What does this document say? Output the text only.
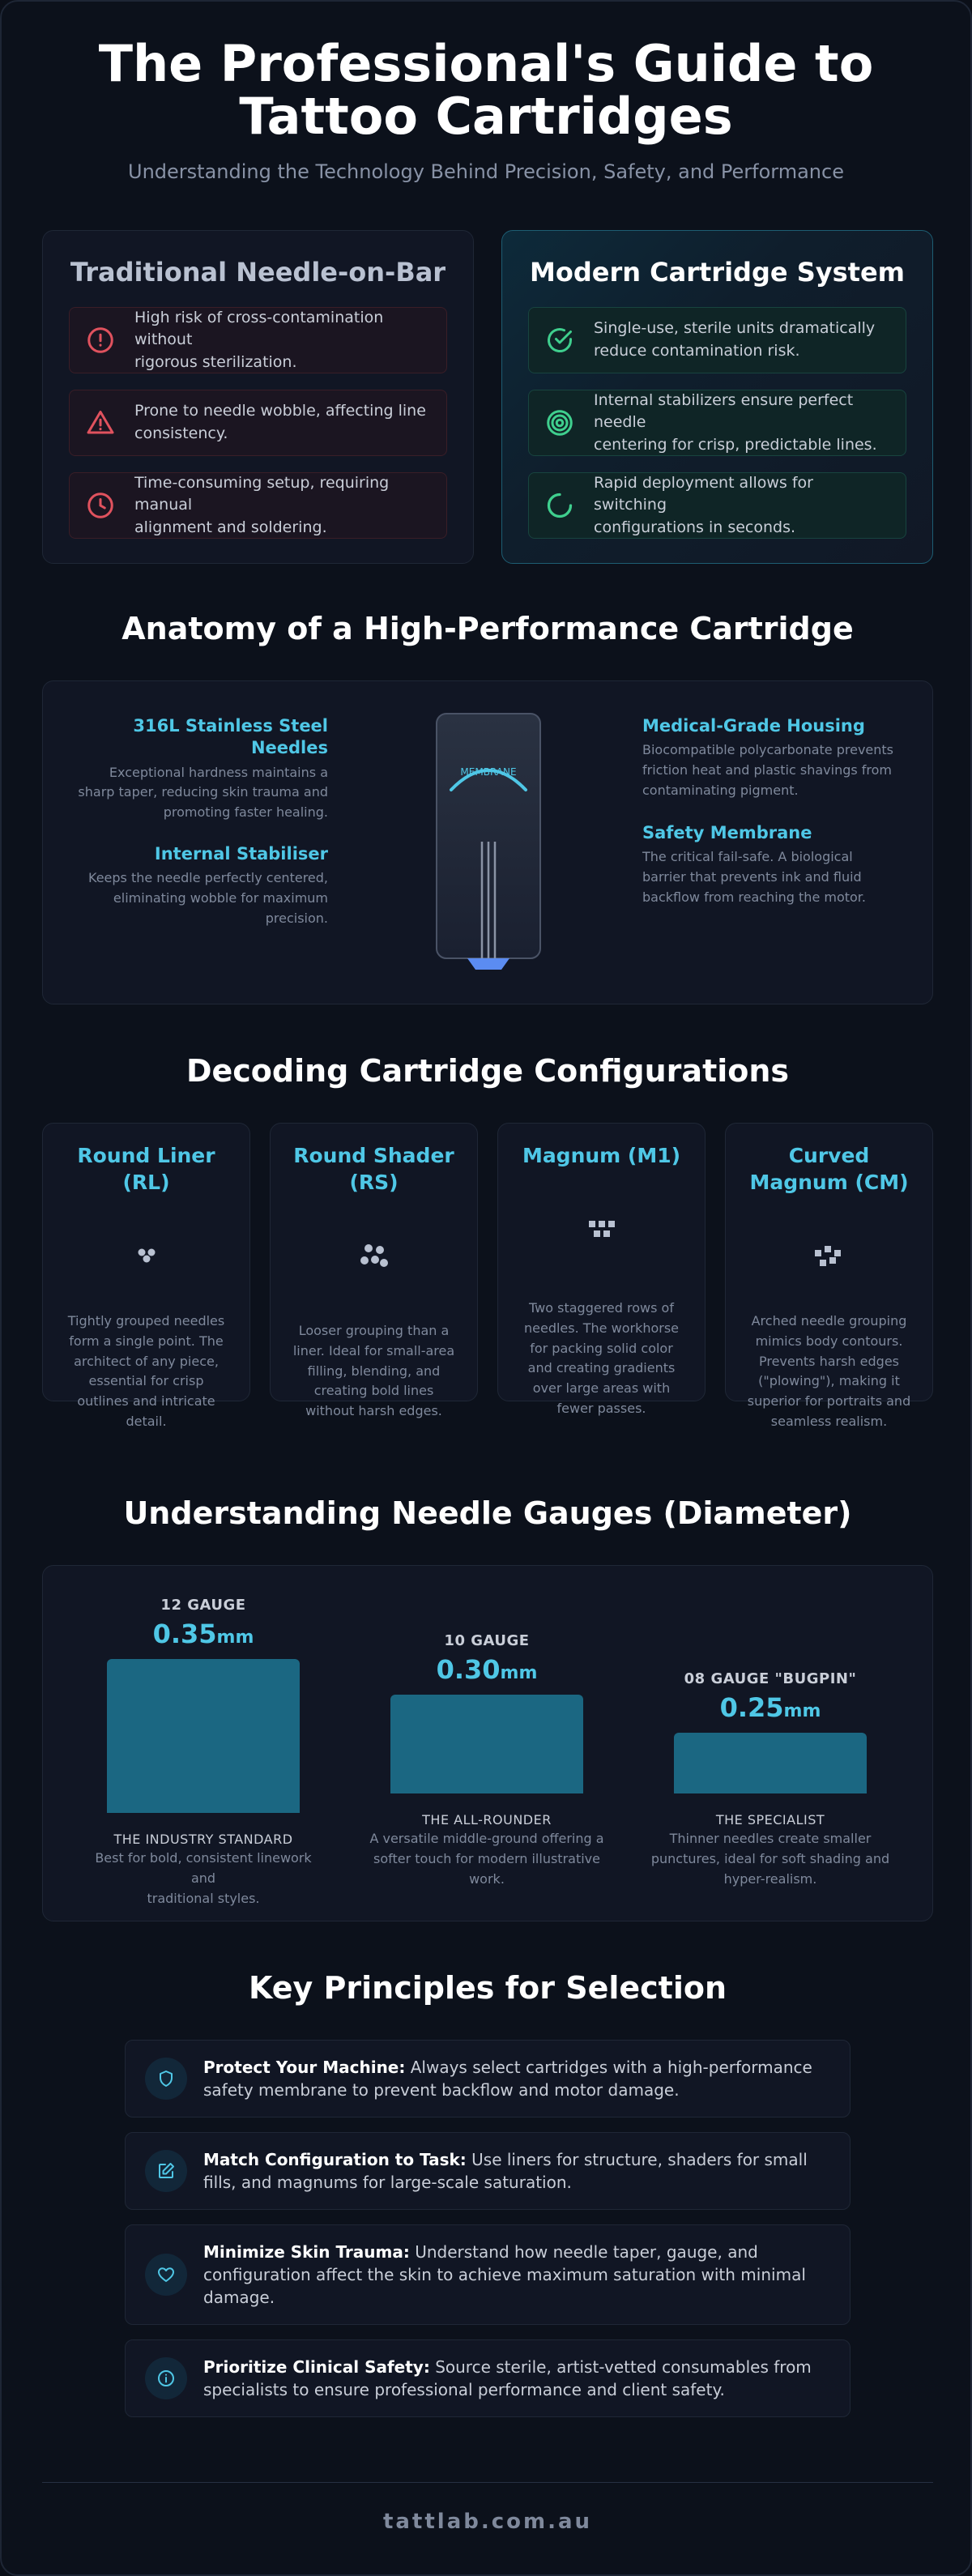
The Professional's Guide to
Tattoo Cartridges
Understanding the Technology Behind Precision, Safety, and Performance
Traditional Needle-on-Bar
High risk of cross-contamination without
rigorous sterilization.
Prone to needle wobble, affecting line
consistency.
Time-consuming setup, requiring manual
alignment and soldering.
Modern Cartridge System
Single-use, sterile units dramatically
reduce contamination risk.
Internal stabilizers ensure perfect needle
centering for crisp, predictable lines.
Rapid deployment allows for switching
configurations in seconds.
Anatomy of a High-Performance Cartridge
316L Stainless Steel
Needles
Exceptional hardness maintains a
sharp taper, reducing skin trauma and
promoting faster healing.
Internal Stabiliser
Keeps the needle perfectly centered,
eliminating wobble for maximum
precision.
MEMBRANE
Medical-Grade Housing
Biocompatible polycarbonate prevents
friction heat and plastic shavings from
contaminating pigment.
Safety Membrane
The critical fail-safe. A biological
barrier that prevents ink and fluid
backflow from reaching the motor.
Decoding Cartridge Configurations
Round Liner
(RL)
Tightly grouped needles
form a single point. The
architect of any piece,
essential for crisp
outlines and intricate
detail.
Round Shader
(RS)
Looser grouping than a
liner. Ideal for small-area
filling, blending, and
creating bold lines
without harsh edges.
Magnum (M1)
Two staggered rows of
needles. The workhorse
for packing solid color
and creating gradients
over large areas with
fewer passes.
Curved
Magnum (CM)
Arched needle grouping
mimics body contours.
Prevents harsh edges
("plowing"), making it
superior for portraits and
seamless realism.
Understanding Needle Gauges (Diameter)
12 GAUGE
0.35mm	10 GAUGE
0.30mm	08 GAUGE "BUGPIN"
0.25mm
THE INDUSTRY STANDARD
Best for bold, consistent linework and
traditional styles.
THE ALL-ROUNDER
A versatile middle-ground offering a
softer touch for modern illustrative
work.
THE SPECIALIST
Thinner needles create smaller
punctures, ideal for soft shading and
hyper-realism.
Key Principles for Selection
Protect Your Machine: Always select cartridges with a high-performance
safety membrane to prevent backflow and motor damage.
Match Configuration to Task: Use liners for structure, shaders for small
fills, and magnums for large-scale saturation.
Minimize Skin Trauma: Understand how needle taper, gauge, and
configuration affect the skin to achieve maximum saturation with minimal
damage.
Prioritize Clinical Safety: Source sterile, artist-vetted consumables from
specialists to ensure professional performance and client safety.
tattlab.com.au
